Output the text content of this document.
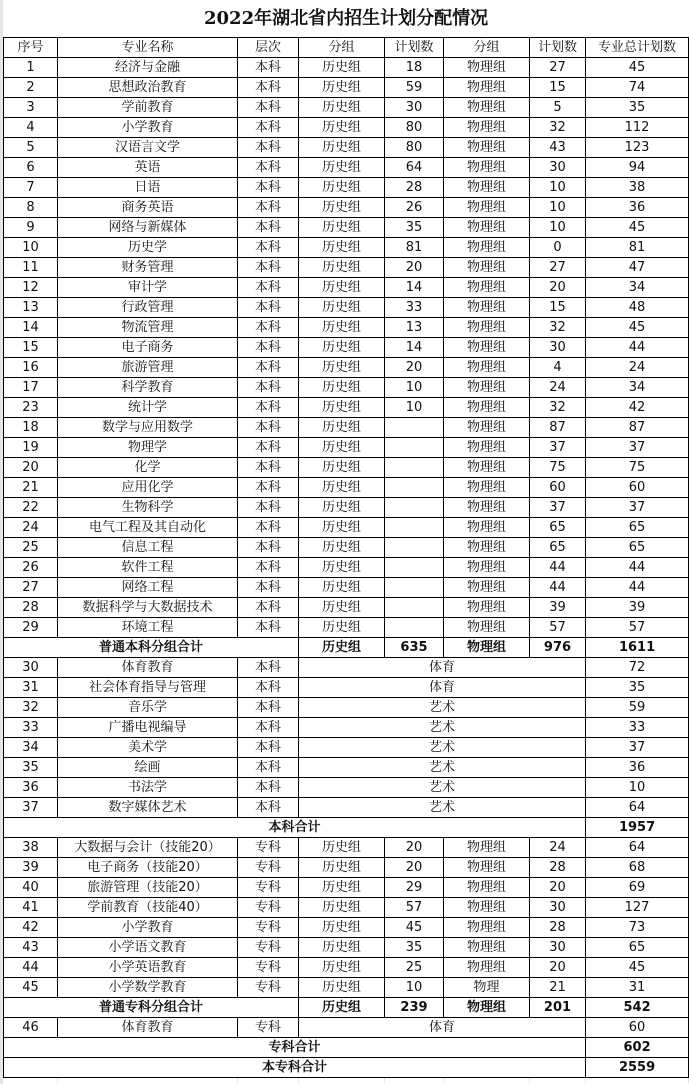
2022年湖北省内招生计划分配情况							
序号	专业名称	层次	分组	计划数	分组	计划数	专业总计划数
1	经济与金融	本科	历史组	18	物理组	27	45
2	思想政治教育	本科	历史组	59	物理组	15	74
3	学前教育	本科	历史组	30	物理组	5	35
4	小学教育	本科	历史组	80	物理组	32	112
5	汉语言文学	本科	历史组	80	物理组	43	123
6	英语	本科	历史组	64	物理组	30	94
7	日语	本科	历史组	28	物理组	10	38
8	商务英语	本科	历史组	26	物理组	10	36
9	网络与新媒体	本科	历史组	35	物理组	10	45
10	历史学	本科	历史组	81	物理组	0	81
11	财务管理	本科	历史组	20	物理组	27	47
12	审计学	本科	历史组	14	物理组	20	34
13	行政管理	本科	历史组	33	物理组	15	48
14	物流管理	本科	历史组	13	物理组	32	45
15	电子商务	本科	历史组	14	物理组	30	44
16	旅游管理	本科	历史组	20	物理组	4	24
17	科学教育	本科	历史组	10	物理组	24	34
23	统计学	本科	历史组	10	物理组	32	42
18	数学与应用数学	本科	历史组		物理组	87	87
19	物理学	本科	历史组		物理组	37	37
20	化学	本科	历史组		物理组	75	75
21	应用化学	本科	历史组		物理组	60	60
22	生物科学	本科	历史组		物理组	37	37
24	电气工程及其自动化	本科	历史组		物理组	65	65
25	信息工程	本科	历史组		物理组	65	65
26	软件工程	本科	历史组		物理组	44	44
27	网络工程	本科	历史组		物理组	44	44
28	数据科学与大数据技术	本科	历史组		物理组	39	39
29	环境工程	本科	历史组		物理组	57	57
普通本科分组合计			历史组	635	物理组	976	1611
30	体育教育	本科	体育				72
31	社会体育指导与管理	本科	体育				35
32	音乐学	本科	艺术				59
33	广播电视编导	本科	艺术				33
34	美术学	本科	艺术				37
35	绘画	本科	艺术				36
36	书法学	本科	艺术				10
37	数字媒体艺术	本科	艺术				64
本科合计							1957
38	大数据与会计（技能20）	专科	历史组	20	物理组	24	64
39	电子商务（技能20）	专科	历史组	20	物理组	28	68
40	旅游管理（技能20）	专科	历史组	29	物理组	20	69
41	学前教育（技能40）	专科	历史组	57	物理组	30	127
42	小学教育	专科	历史组	45	物理组	28	73
43	小学语文教育	专科	历史组	35	物理组	30	65
44	小学英语教育	专科	历史组	25	物理组	20	45
45	小学数学教育	专科	历史组	10	物理	21	31
普通专科分组合计			历史组	239	物理组	201	542
46	体育教育	专科	体育				60
专科合计							602
本专科合计							2559
